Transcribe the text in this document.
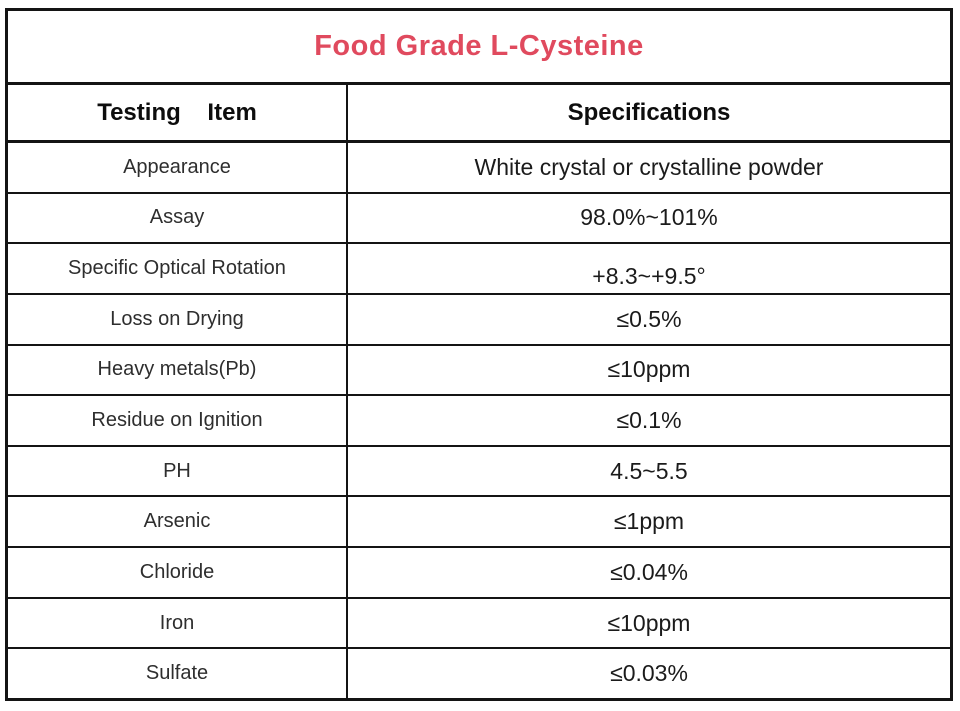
Food Grade L-Cysteine
Testing    Item	Specifications
Appearance	White crystal or crystalline powder
Assay	98.0%~101%
Specific Optical Rotation	+8.3~+9.5°
Loss on Drying	≤0.5%
Heavy metals(Pb)	≤10ppm
Residue on Ignition	≤0.1%
PH	4.5~5.5
Arsenic	≤1ppm
Chloride	≤0.04%
Iron	≤10ppm
Sulfate	≤0.03%
